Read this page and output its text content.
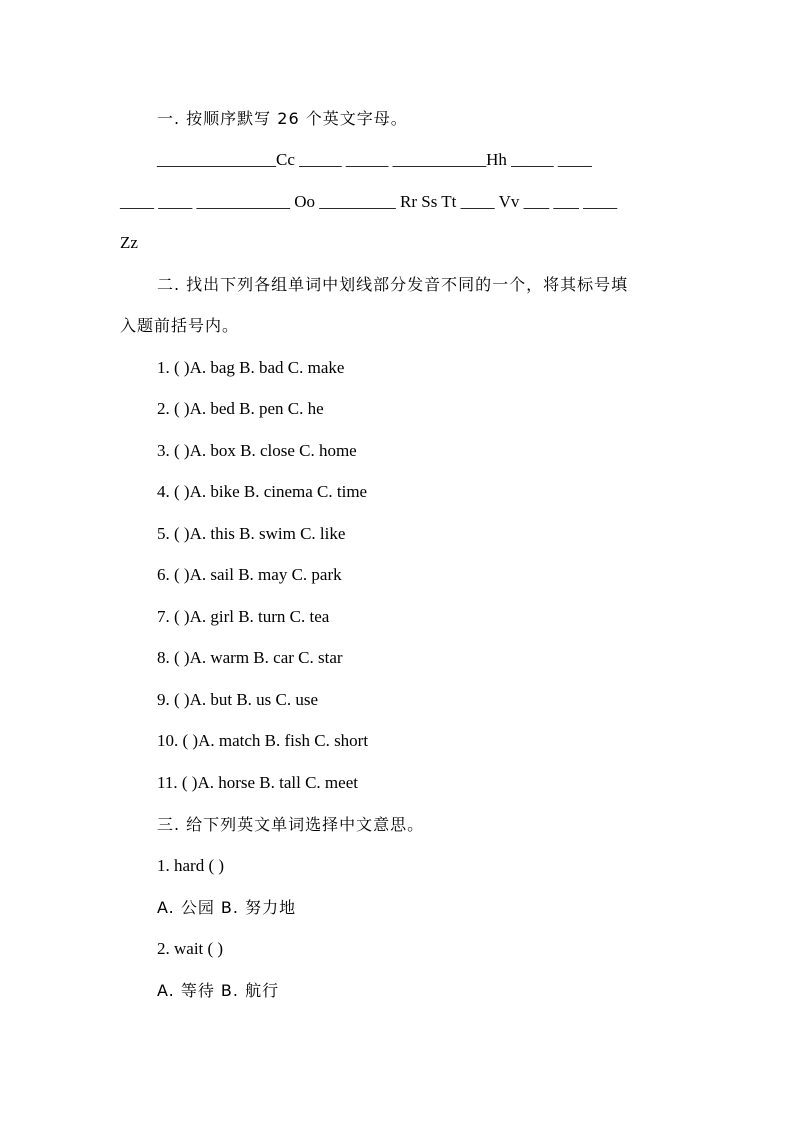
一. 按顺序默写 26 个英文字母。
______________Cc _____ _____ ___________Hh _____ ____
____ ____ ___________ Oo _________ Rr Ss Tt ____ Vv ___ ___ ____
Zz
二. 找出下列各组单词中划线部分发音不同的一个，将其标号填
入题前括号内。
1. ( )A. bag B. bad C. make
2. ( )A. bed B. pen C. he
3. ( )A. box B. close C. home
4. ( )A. bike B. cinema C. time
5. ( )A. this B. swim C. like
6. ( )A. sail B. may C. park
7. ( )A. girl B. turn C. tea
8. ( )A. warm B. car C. star
9. ( )A. but B. us C. use
10. ( )A. match B. fish C. short
11. ( )A. horse B. tall C. meet
三. 给下列英文单词选择中文意思。
1. hard ( )
A. 公园 B. 努力地
2. wait ( )
A. 等待 B. 航行
